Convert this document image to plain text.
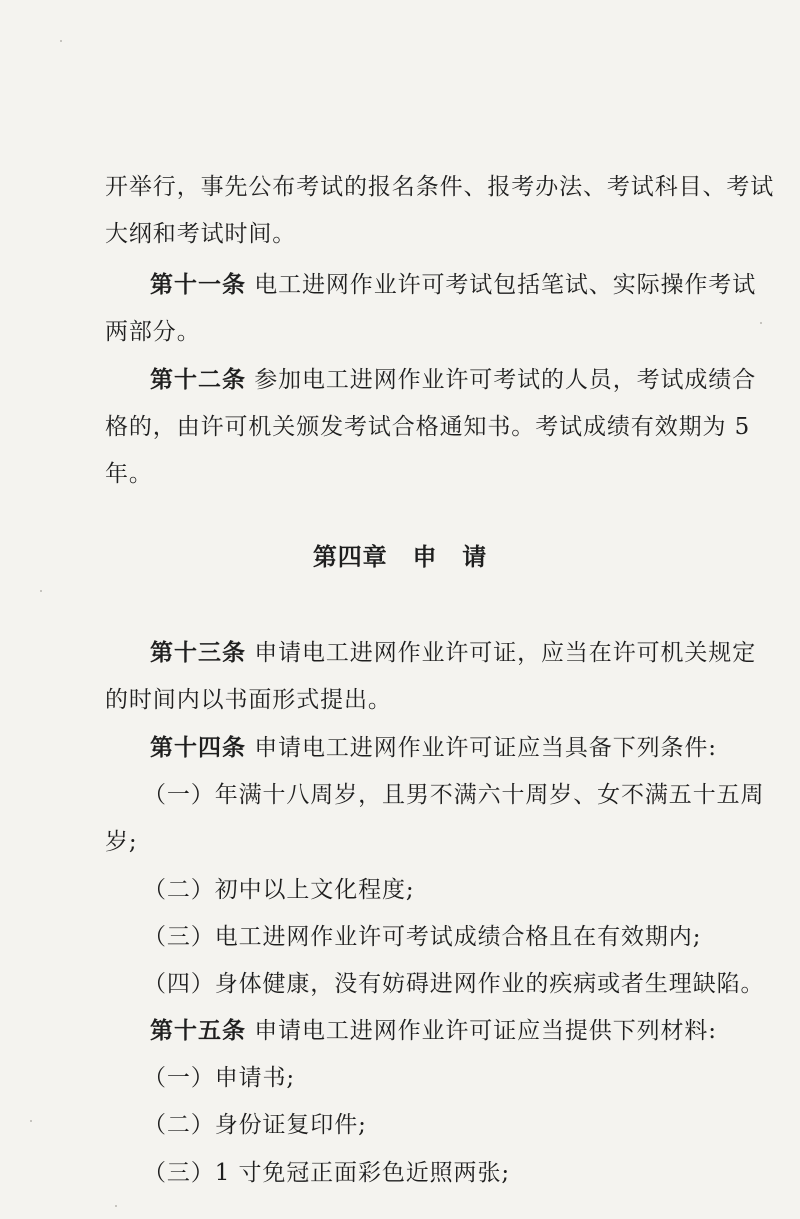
开举行，事先公布考试的报名条件、报考办法、考试科目、考试
大纲和考试时间。
第十一条 电工进网作业许可考试包括笔试、实际操作考试
两部分。
第十二条 参加电工进网作业许可考试的人员，考试成绩合
格的，由许可机关颁发考试合格通知书。考试成绩有效期为 5
年。
第四章　申　请
第十三条 申请电工进网作业许可证，应当在许可机关规定
的时间内以书面形式提出。
第十四条 申请电工进网作业许可证应当具备下列条件:
（一）年满十八周岁，且男不满六十周岁、女不满五十五周
岁;
（二）初中以上文化程度;
（三）电工进网作业许可考试成绩合格且在有效期内;
（四）身体健康，没有妨碍进网作业的疾病或者生理缺陷。
第十五条 申请电工进网作业许可证应当提供下列材料:
（一）申请书;
（二）身份证复印件;
（三）1 寸免冠正面彩色近照两张;
